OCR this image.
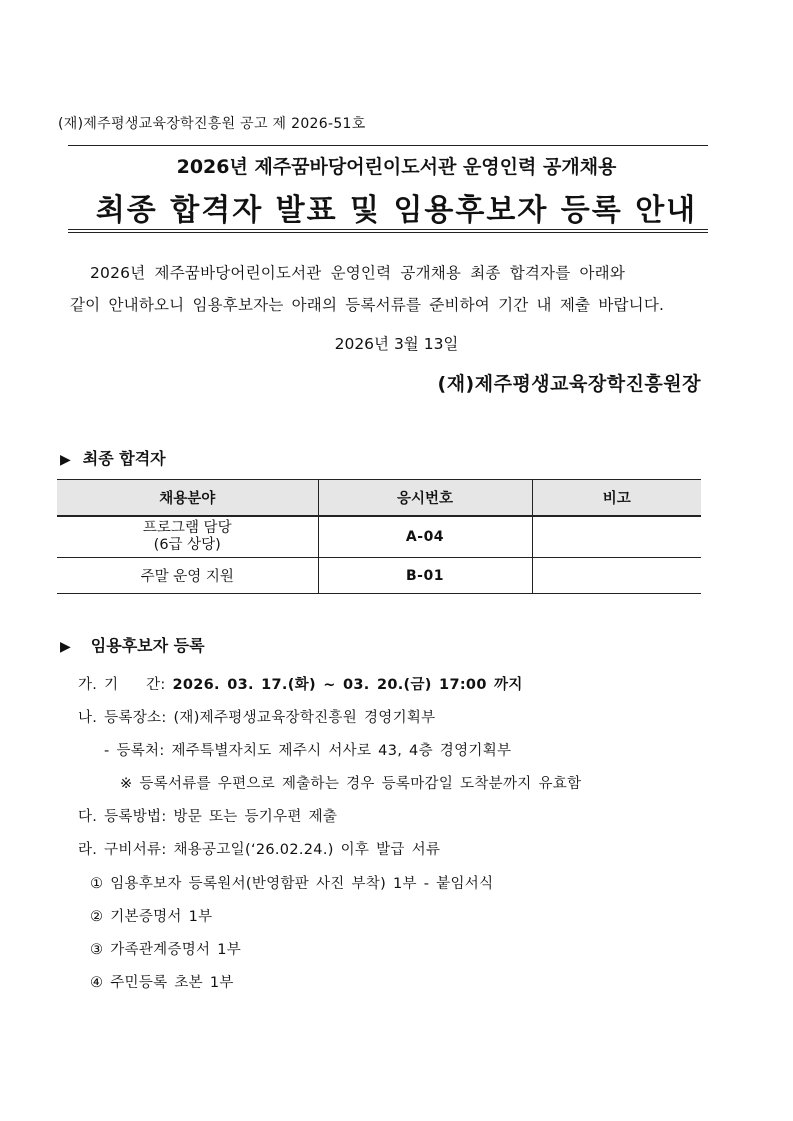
(재)제주평생교육장학진흥원 공고 제 2026-51호
2026년 제주꿈바당어린이도서관 운영인력 공개채용
최종 합격자 발표 및 임용후보자 등록 안내
2026년 제주꿈바당어린이도서관 운영인력 공개채용 최종 합격자를 아래와
같이 안내하오니 임용후보자는 아래의 등록서류를 준비하여 기간 내 제출 바랍니다.
2026년 3월 13일
(재)제주평생교육장학진흥원장
▶ 최종 합격자
채용분야	응시번호	비고

프로그램 담당
(6급 상당)	A-04	

주말 운영 지원	B-01	
▶ 임용후보자 등록
가. 기    간: 2026. 03. 17.(화) ~ 03. 20.(금) 17:00 까지
나. 등록장소: (재)제주평생교육장학진흥원 경영기획부
- 등록처: 제주특별자치도 제주시 서사로 43, 4층 경영기획부
※ 등록서류를 우편으로 제출하는 경우 등록마감일 도착분까지 유효함
다. 등록방법: 방문 또는 등기우편 제출
라. 구비서류: 채용공고일(‘26.02.24.) 이후 발급 서류
① 임용후보자 등록원서(반영함판 사진 부착) 1부 - 붙임서식
② 기본증명서 1부
③ 가족관계증명서 1부
④ 주민등록 초본 1부
